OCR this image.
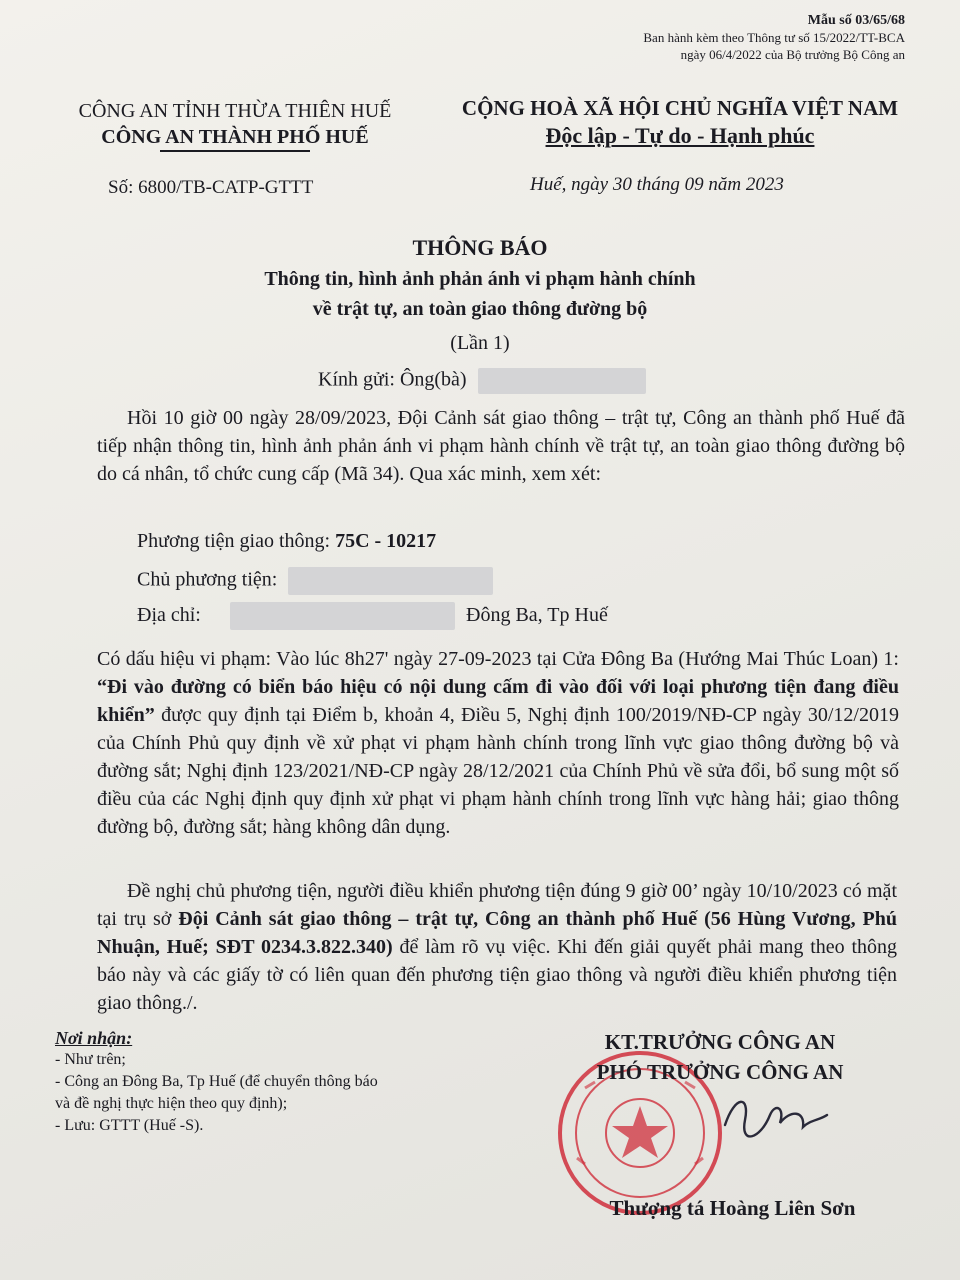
Mẫu số 03/65/68
Ban hành kèm theo Thông tư số 15/2022/TT-BCA
ngày 06/4/2022 của Bộ trưởng Bộ Công an
CÔNG AN TỈNH THỪA THIÊN HUẾ
CÔNG AN THÀNH PHỐ HUẾ
CỘNG HOÀ XÃ HỘI CHỦ NGHĨA VIỆT NAM
Độc lập - Tự do - Hạnh phúc
Số: 6800/TB-CATP-GTTT	Huế, ngày 30 tháng 09 năm 2023
THÔNG BÁO
Thông tin, hình ảnh phản ánh vi phạm hành chính
về trật tự, an toàn giao thông đường bộ
(Lần 1)
Kính gửi: Ông(bà)
Hồi 10 giờ 00 ngày 28/09/2023, Đội Cảnh sát giao thông – trật tự, Công an thành phố Huế đã tiếp nhận thông tin, hình ảnh phản ánh vi phạm hành chính về trật tự, an toàn giao thông đường bộ do cá nhân, tổ chức cung cấp (Mã 34). Qua xác minh, xem xét:
Phương tiện giao thông: 75C - 10217
Chủ phương tiện:
Địa chỉ:	Đông Ba, Tp Huế
Có dấu hiệu vi phạm: Vào lúc 8h27' ngày 27-09-2023 tại Cửa Đông Ba (Hướng Mai Thúc Loan) 1: “Đi vào đường có biển báo hiệu có nội dung cấm đi vào đối với loại phương tiện đang điều khiển” được quy định tại Điểm b, khoản 4, Điều 5, Nghị định 100/2019/NĐ-CP ngày 30/12/2019 của Chính Phủ quy định về xử phạt vi phạm hành chính trong lĩnh vực giao thông đường bộ và đường sắt; Nghị định 123/2021/NĐ-CP ngày 28/12/2021 của Chính Phủ về sửa đổi, bổ sung một số điều của các Nghị định quy định xử phạt vi phạm hành chính trong lĩnh vực hàng hải; giao thông đường bộ, đường sắt; hàng không dân dụng.
Đề nghị chủ phương tiện, người điều khiển phương tiện đúng 9 giờ 00’ ngày 10/10/2023 có mặt tại trụ sở Đội Cảnh sát giao thông – trật tự, Công an thành phố Huế (56 Hùng Vương, Phú Nhuận, Huế; SĐT 0234.3.822.340) để làm rõ vụ việc. Khi đến giải quyết phải mang theo thông báo này và các giấy tờ có liên quan đến phương tiện giao thông và người điều khiển phương tiện giao thông./.
Nơi nhận:
- Như trên;
- Công an Đông Ba, Tp Huế (để chuyển thông báo
và đề nghị thực hiện theo quy định);
- Lưu: GTTT (Huế -S).
KT.TRƯỞNG CÔNG AN
PHÓ TRƯỞNG CÔNG AN
Thượng tá Hoàng Liên Sơn
